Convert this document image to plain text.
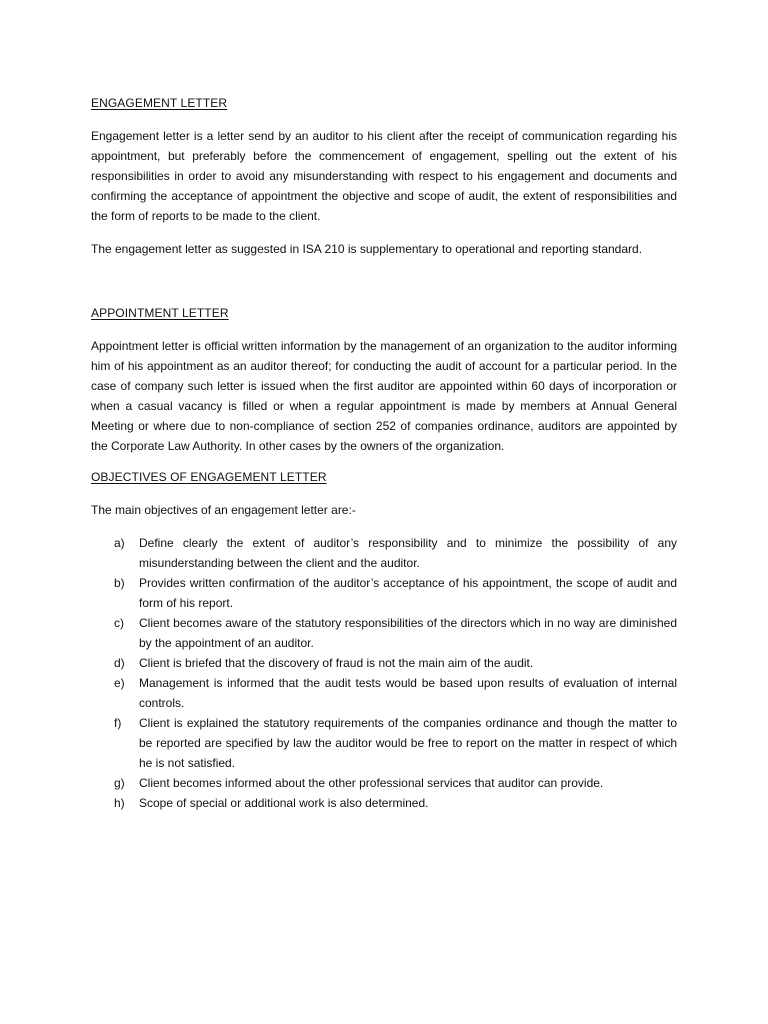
ENGAGEMENT LETTER

Engagement letter is a letter send by an auditor to his client after the receipt of communication regarding his appointment, but preferably before the commencement of engagement, spelling out the extent of his responsibilities in order to avoid any misunderstanding with respect to his engagement and documents and confirming the acceptance of appointment the objective and scope of audit, the extent of responsibilities and the form of reports to be made to the client.

The engagement letter as suggested in ISA 210 is supplementary to operational and reporting standard.

APPOINTMENT LETTER

Appointment letter is official written information by the management of an organization to the auditor informing him of his appointment as an auditor thereof; for conducting the audit of account for a particular period. In the case of company such letter is issued when the first auditor are appointed within 60 days of incorporation or when a casual vacancy is filled or when a regular appointment is made by members at Annual General Meeting or where due to non-compliance of section 252 of companies ordinance, auditors are appointed by the Corporate Law Authority. In other cases by the owners of the organization.

OBJECTIVES OF ENGAGEMENT LETTER

The main objectives of an engagement letter are:-

a)	Define clearly the extent of auditor’s responsibility and to minimize the possibility of any misunderstanding between the client and the auditor.
b)	Provides written confirmation of the auditor’s acceptance of his appointment, the scope of audit and form of his report.
c)	Client becomes aware of the statutory responsibilities of the directors which in no way are diminished by the appointment of an auditor.
d)	Client is briefed that the discovery of fraud is not the main aim of the audit.
e)	Management is informed that the audit tests would be based upon results of evaluation of internal controls.
f)	Client is explained the statutory requirements of the companies ordinance and though the matter to be reported are specified by law the auditor would be free to report on the matter in respect of which he is not satisfied.
g)	Client becomes informed about the other professional services that auditor can provide.
h)	Scope of special or additional work is also determined.
